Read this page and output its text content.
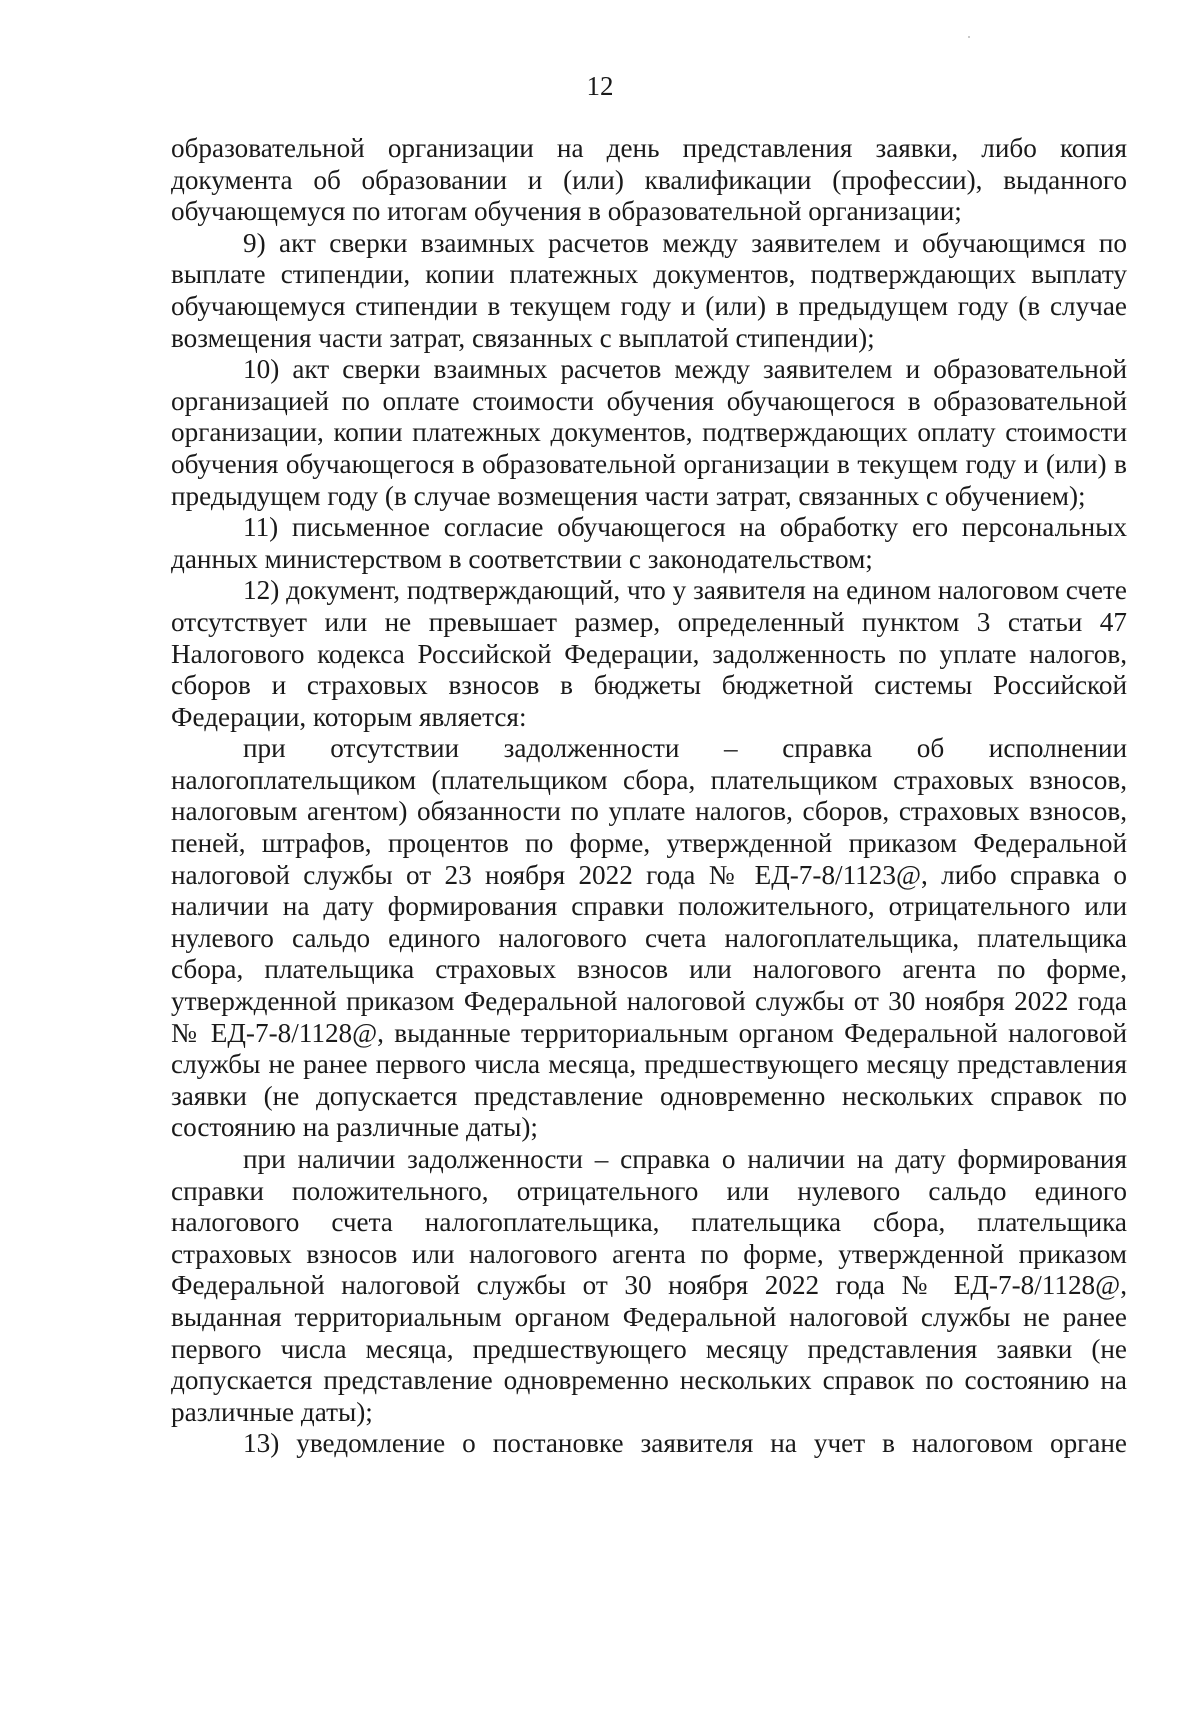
12

образовательной организации на день представления заявки, либо копия документа об образовании и (или) квалификации (профессии), выданного обучающемуся по итогам обучения в образовательной организации;

9) акт сверки взаимных расчетов между заявителем и обучающимся по выплате стипендии, копии платежных документов, подтверждающих выплату обучающемуся стипендии в текущем году и (или) в предыдущем году (в случае возмещения части затрат, связанных с выплатой стипендии);

10) акт сверки взаимных расчетов между заявителем и образовательной организацией по оплате стоимости обучения обучающегося в образовательной организации, копии платежных документов, подтверждающих оплату стоимости обучения обучающегося в образовательной организации в текущем году и (или) в предыдущем году (в случае возмещения части затрат, связанных с обучением);

11) письменное согласие обучающегося на обработку его персональных данных министерством в соответствии с законодательством;

12) документ, подтверждающий, что у заявителя на едином налоговом счете отсутствует или не превышает размер, определенный пунктом 3 статьи 47 Налогового кодекса Российской Федерации, задолженность по уплате налогов, сборов и страховых взносов в бюджеты бюджетной системы Российской Федерации, которым является:

при отсутствии задолженности – справка об исполнении налогоплательщиком (плательщиком сбора, плательщиком страховых взносов, налоговым агентом) обязанности по уплате налогов, сборов, страховых взносов, пеней, штрафов, процентов по форме, утвержденной приказом Федеральной налоговой службы от 23 ноября 2022 года № ЕД-7-8/1123@, либо справка о наличии на дату формирования справки положительного, отрицательного или нулевого сальдо единого налогового счета налогоплательщика, плательщика сбора, плательщика страховых взносов или налогового агента по форме, утвержденной приказом Федеральной налоговой службы от 30 ноября 2022 года № ЕД-7-8/1128@, выданные территориальным органом Федеральной налоговой службы не ранее первого числа месяца, предшествующего месяцу представления заявки (не допускается представление одновременно нескольких справок по состоянию на различные даты);

при наличии задолженности – справка о наличии на дату формирования справки положительного, отрицательного или нулевого сальдо единого налогового счета налогоплательщика, плательщика сбора, плательщика страховых взносов или налогового агента по форме, утвержденной приказом Федеральной налоговой службы от 30 ноября 2022 года № ЕД-7-8/1128@, выданная территориальным органом Федеральной налоговой службы не ранее первого числа месяца, предшествующего месяцу представления заявки (не допускается представление одновременно нескольких справок по состоянию на различные даты);

13) уведомление о постановке заявителя на учет в налоговом органе
